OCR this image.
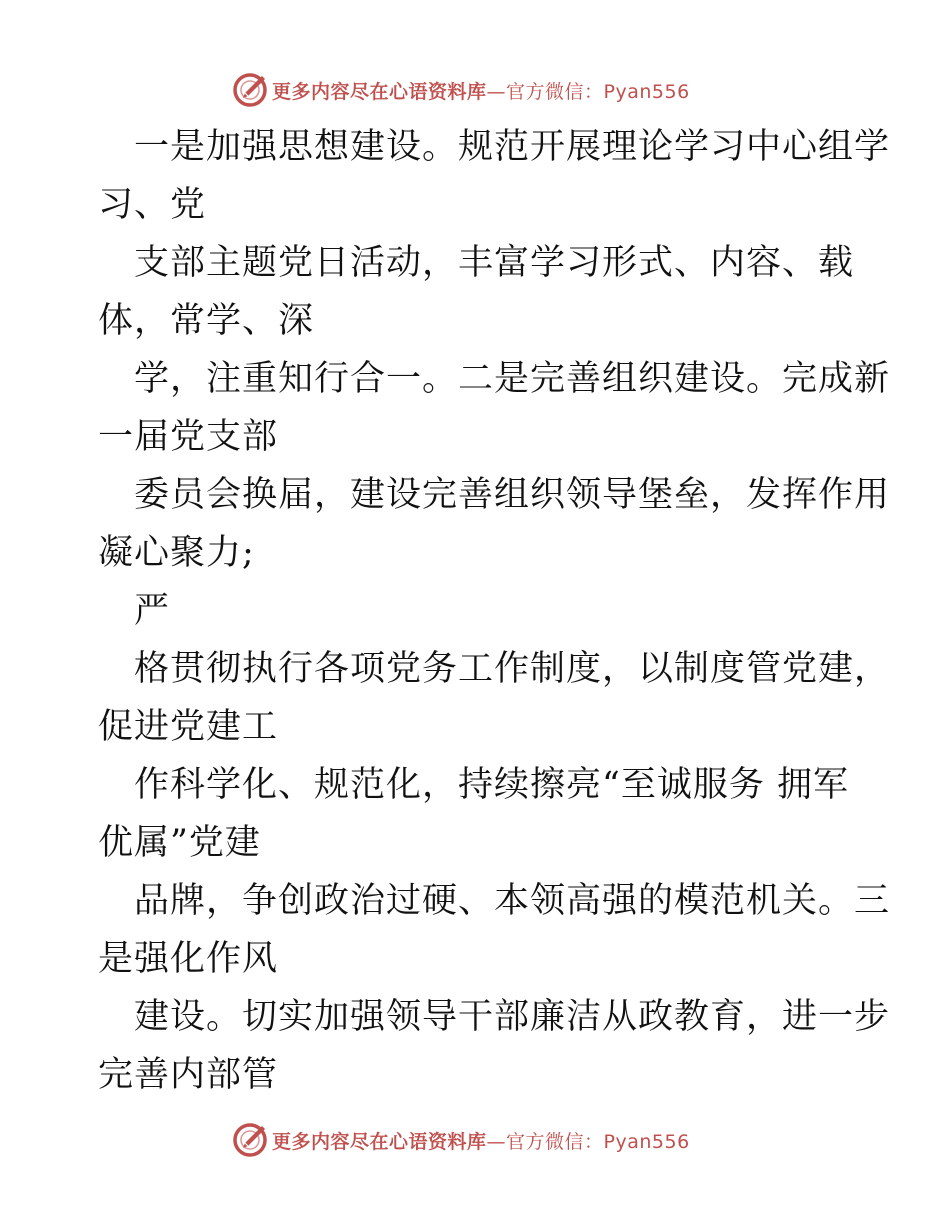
更多内容尽在心语资料库—官方微信：Pyan556
一是加强思想建设。规范开展理论学习中心组学
习、党
支部主题党日活动，丰富学习形式、内容、载
体，常学、深
学，注重知行合一。二是完善组织建设。完成新
一届党支部
委员会换届，建设完善组织领导堡垒，发挥作用
凝心聚力;
严
格贯彻执行各项党务工作制度，以制度管党建，
促进党建工
作科学化、规范化，持续擦亮“至诚服务 拥军
优属”党建
品牌，争创政治过硬、本领高强的模范机关。三
是强化作风
建设。切实加强领导干部廉洁从政教育，进一步
完善内部管
更多内容尽在心语资料库—官方微信：Pyan556
